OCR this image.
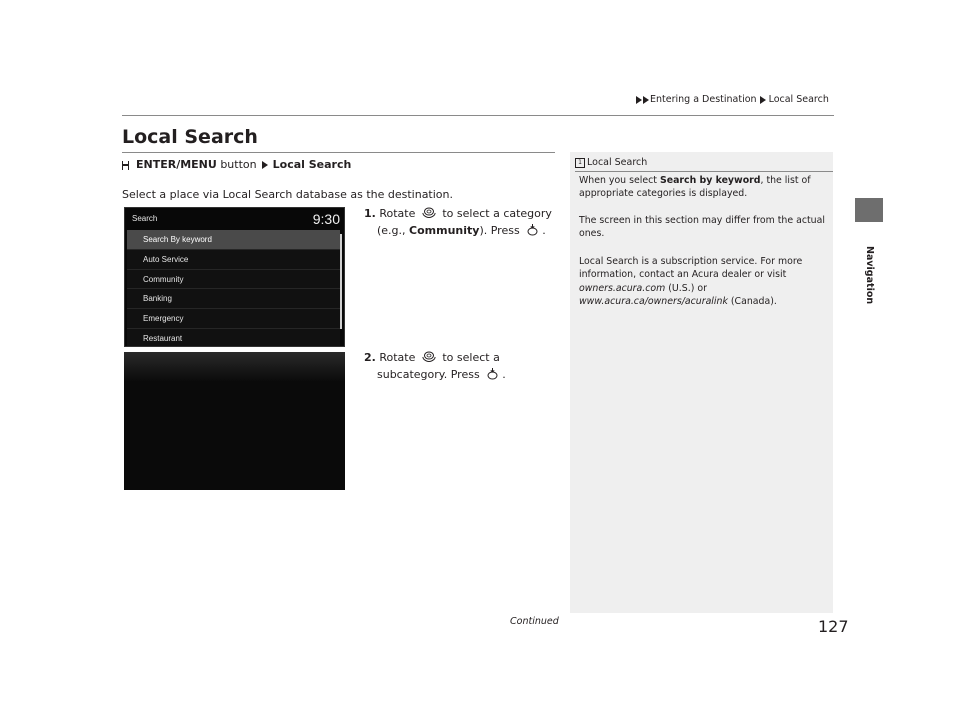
Entering a Destination Local Search
Navigation
Local Search
ENTER/MENU
button Local Search
Select a place via Local Search database as the destination.
Search	9:30
Search By keyword
Auto Service
Community
Banking
Emergency
Restaurant
1. Rotate to select a category
(e.g., Community). Press .
2. Rotate to select a
subcategory. Press .
1 Local Search
When you select Search by keyword, the list of appropriate categories is displayed.
The screen in this section may differ from the actual ones.
Local Search is a subscription service. For more information, contact an Acura dealer or visit owners.acura.com (U.S.) or www.acura.ca/owners/acuralink (Canada).
Continued	127
